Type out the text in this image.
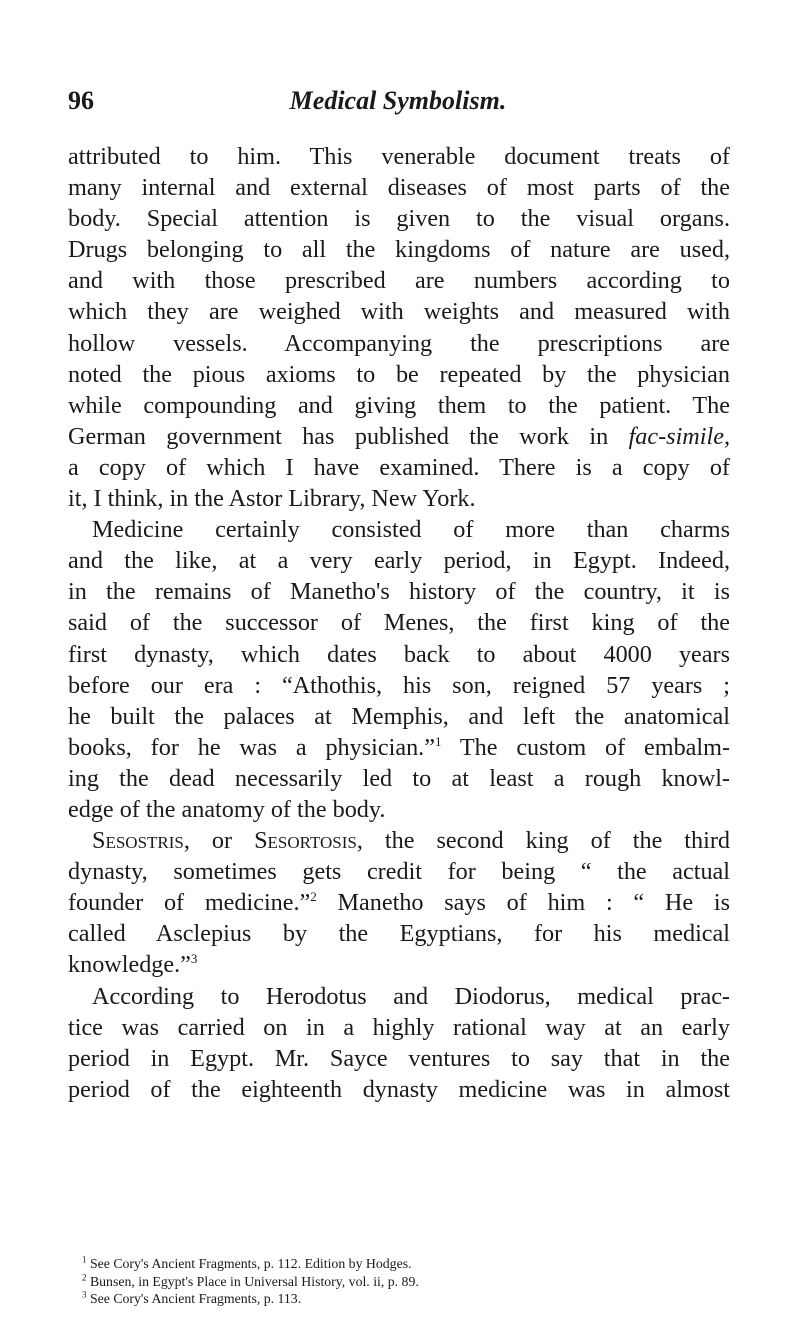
96	Medical Symbolism.
attributed to him. This venerable document treats of
many internal and external diseases of most parts of the
body. Special attention is given to the visual organs.
Drugs belonging to all the kingdoms of nature are used,
and with those prescribed are numbers according to
which they are weighed with weights and measured with
hollow vessels. Accompanying the prescriptions are
noted the pious axioms to be repeated by the physician
while compounding and giving them to the patient. The
German government has published the work in fac-simile,
a copy of which I have examined. There is a copy of
it, I think, in the Astor Library, New York.
Medicine certainly consisted of more than charms
and the like, at a very early period, in Egypt. Indeed,
in the remains of Manetho's history of the country, it is
said of the successor of Menes, the first king of the
first dynasty, which dates back to about 4000 years
before our era : “Athothis, his son, reigned 57 years ;
he built the palaces at Memphis, and left the anatomical
books, for he was a physician.”$^1$ The custom of embalm-
ing the dead necessarily led to at least a rough knowl-
edge of the anatomy of the body.
Sesostris, or Sesortosis, the second king of the third
dynasty, sometimes gets credit for being “ the actual
founder of medicine.”$^2$ Manetho says of him : “ He is
called Asclepius by the Egyptians, for his medical
knowledge.”$^3$
According to Herodotus and Diodorus, medical prac-
tice was carried on in a highly rational way at an early
period in Egypt. Mr. Sayce ventures to say that in the
period of the eighteenth dynasty medicine was in almost
$^1$ See Cory's Ancient Fragments, p. 112. Edition by Hodges.
$^2$ Bunsen, in Egypt's Place in Universal History, vol. ii, p. 89.
$^3$ See Cory's Ancient Fragments, p. 113.
